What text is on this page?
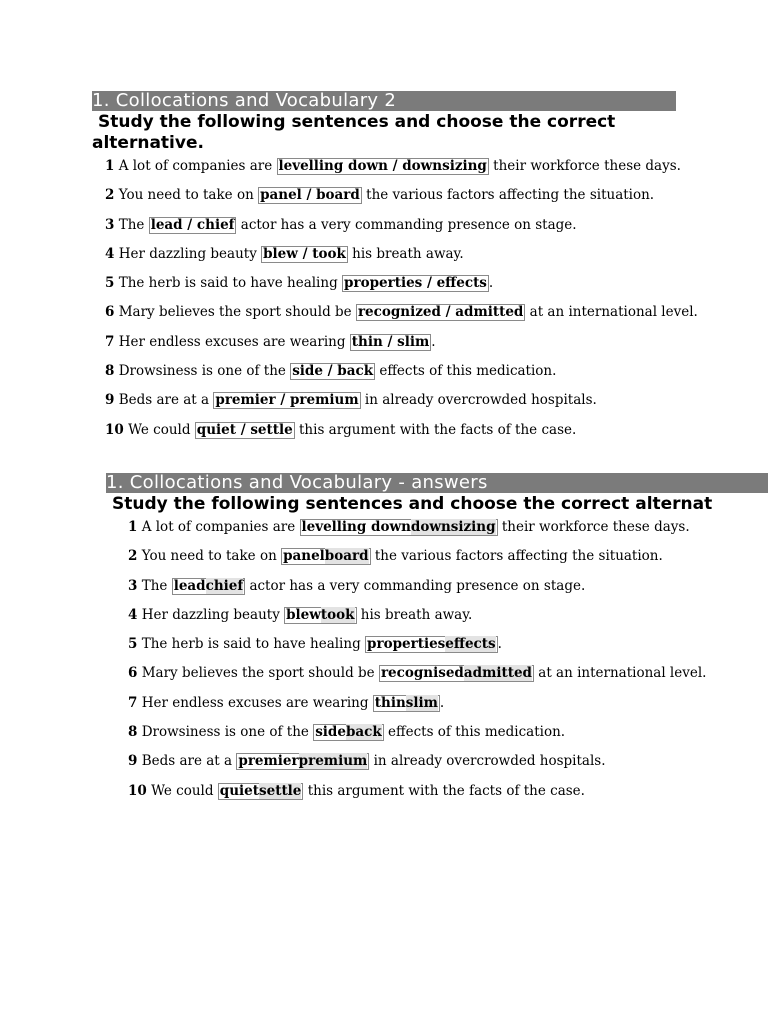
1. Collocations and Vocabulary 2
Study the following sentences and choose the correct
alternative.
1 A lot of companies are levelling down / downsizing their workforce these days.
2 You need to take on panel / board the various factors affecting the situation.
3 The lead / chief actor has a very commanding presence on stage.
4 Her dazzling beauty blew / took his breath away.
5 The herb is said to have healing properties / effects .
6 Mary believes the sport should be recognized / admitted at an international level.
7 Her endless excuses are wearing thin / slim .
8 Drowsiness is one of the side / back effects of this medication.
9 Beds are at a premier / premium in already overcrowded hospitals.
10 We could quiet / settle this argument with the facts of the case.
1. Collocations and Vocabulary - answers
Study the following sentences and choose the correct alternat
1 A lot of companies are levelling downdownsizing their workforce these days.
2 You need to take on panelboard the various factors affecting the situation.
3 The leadchief actor has a very commanding presence on stage.
4 Her dazzling beauty blewtook his breath away.
5 The herb is said to have healing propertieseffects .
6 Mary believes the sport should be recognisedadmitted at an international level.
7 Her endless excuses are wearing thinslim .
8 Drowsiness is one of the sideback effects of this medication.
9 Beds are at a premierpremium in already overcrowded hospitals.
10 We could quietsettle this argument with the facts of the case.
